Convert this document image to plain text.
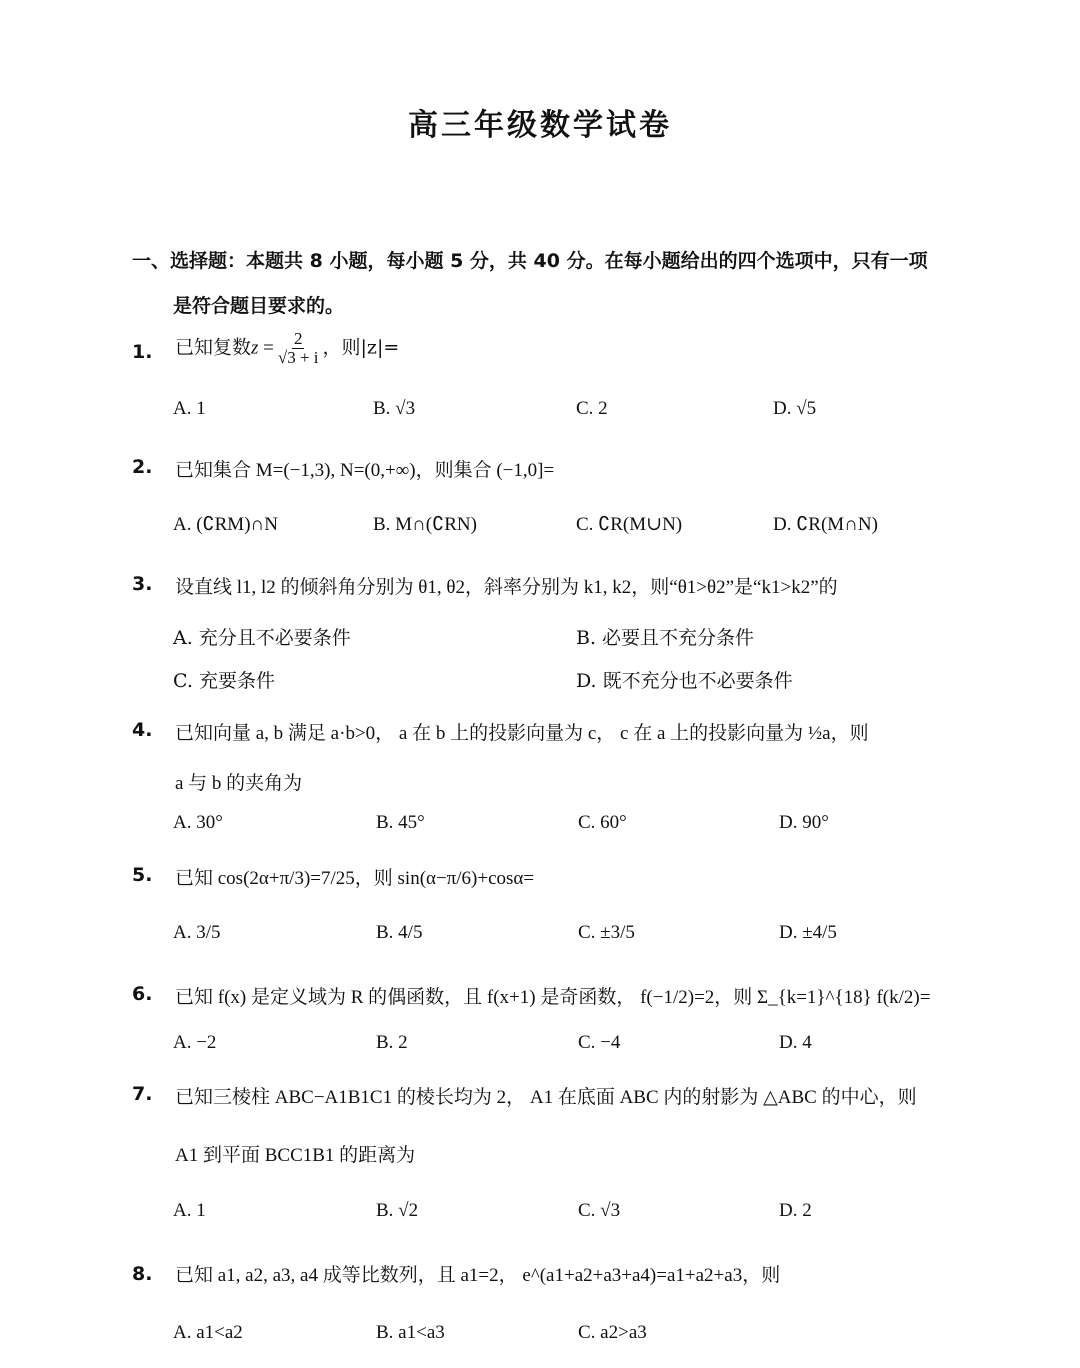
高三年级数学试卷
一、选择题：本题共 8 小题，每小题 5 分，共 40 分。在每小题给出的四个选项中，只有一项
是符合题目要求的。
1. 已知复数$z = \frac{2}{√3 + i}$ ，则|z|=
A. 1	B. √3	C. 2	D. √5
2. 已知集合 M=(−1,3), N=(0,+∞)，则集合 (−1,0]=
A. (∁RM)∩N	B. M∩(∁RN)	C. ∁R(M∪N)	D. ∁R(M∩N)
3. 设直线 l1, l2 的倾斜角分别为 θ1, θ2，斜率分别为 k1, k2，则“θ1>θ2”是“k1>k2”的
A. 充分且不必要条件	B. 必要且不充分条件
C. 充要条件	D. 既不充分也不必要条件
4. 已知向量 a, b 满足 a·b>0， a 在 b 上的投影向量为 c， c 在 a 上的投影向量为 ½a，则
a 与 b 的夹角为
A. 30°	B. 45°	C. 60°	D. 90°
5. 已知 cos(2α+π/3)=7/25，则 sin(α−π/6)+cosα=
A. 3/5	B. 4/5	C. ±3/5	D. ±4/5
6. 已知 f(x) 是定义域为 R 的偶函数，且 f(x+1) 是奇函数， f(−1/2)=2，则 Σ_{k=1}^{18} f(k/2)=
A. −2	B. 2	C. −4	D. 4
7. 已知三棱柱 ABC−A1B1C1 的棱长均为 2， A1 在底面 ABC 内的射影为 △ABC 的中心，则
A1 到平面 BCC1B1 的距离为
A. 1	B. √2	C. √3	D. 2
8. 已知 a1, a2, a3, a4 成等比数列，且 a1=2， e^(a1+a2+a3+a4)=a1+a2+a3，则
A. a1<a2	B. a1<a3	C. a2>a3
